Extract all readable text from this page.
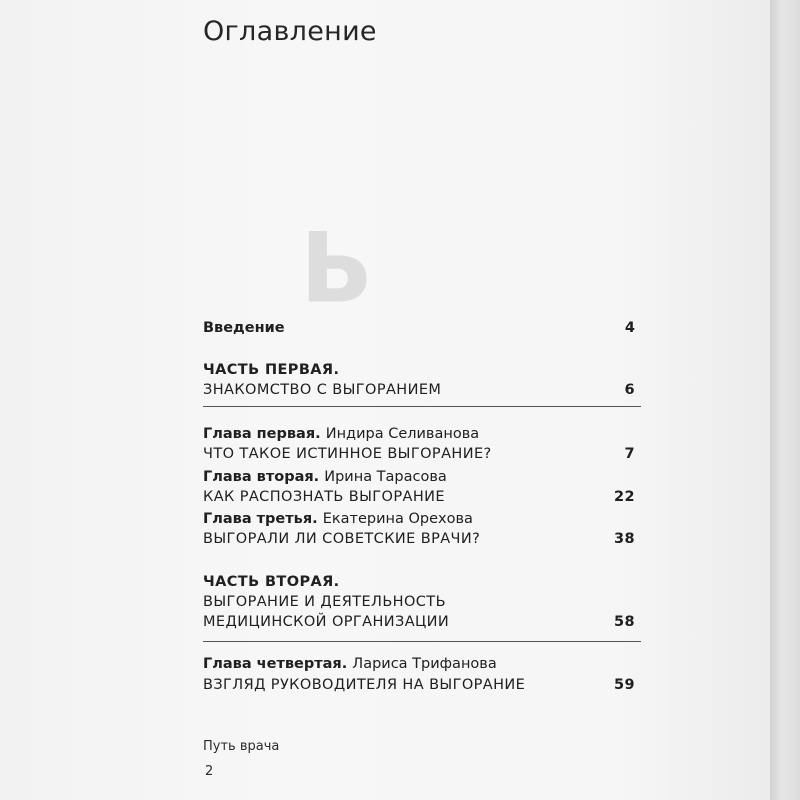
ꟼ
Оглавление
Введение	4
ЧАСТЬ ПЕРВАЯ.
ЗНАКОМСТВО С ВЫГОРАНИЕМ	6
Глава первая. Индира Селиванова
ЧТО ТАКОЕ ИСТИННОЕ ВЫГОРАНИЕ?	7
Глава вторая. Ирина Тарасова
КАК РАСПОЗНАТЬ ВЫГОРАНИЕ	22
Глава третья. Екатерина Орехова
ВЫГОРАЛИ ЛИ СОВЕТСКИЕ ВРАЧИ?	38
ЧАСТЬ ВТОРАЯ.
ВЫГОРАНИЕ И ДЕЯТЕЛЬНОСТЬ
МЕДИЦИНСКОЙ ОРГАНИЗАЦИИ	58
Глава четвертая. Лариса Трифанова
ВЗГЛЯД РУКОВОДИТЕЛЯ НА ВЫГОРАНИЕ	59
Путь врача
2
